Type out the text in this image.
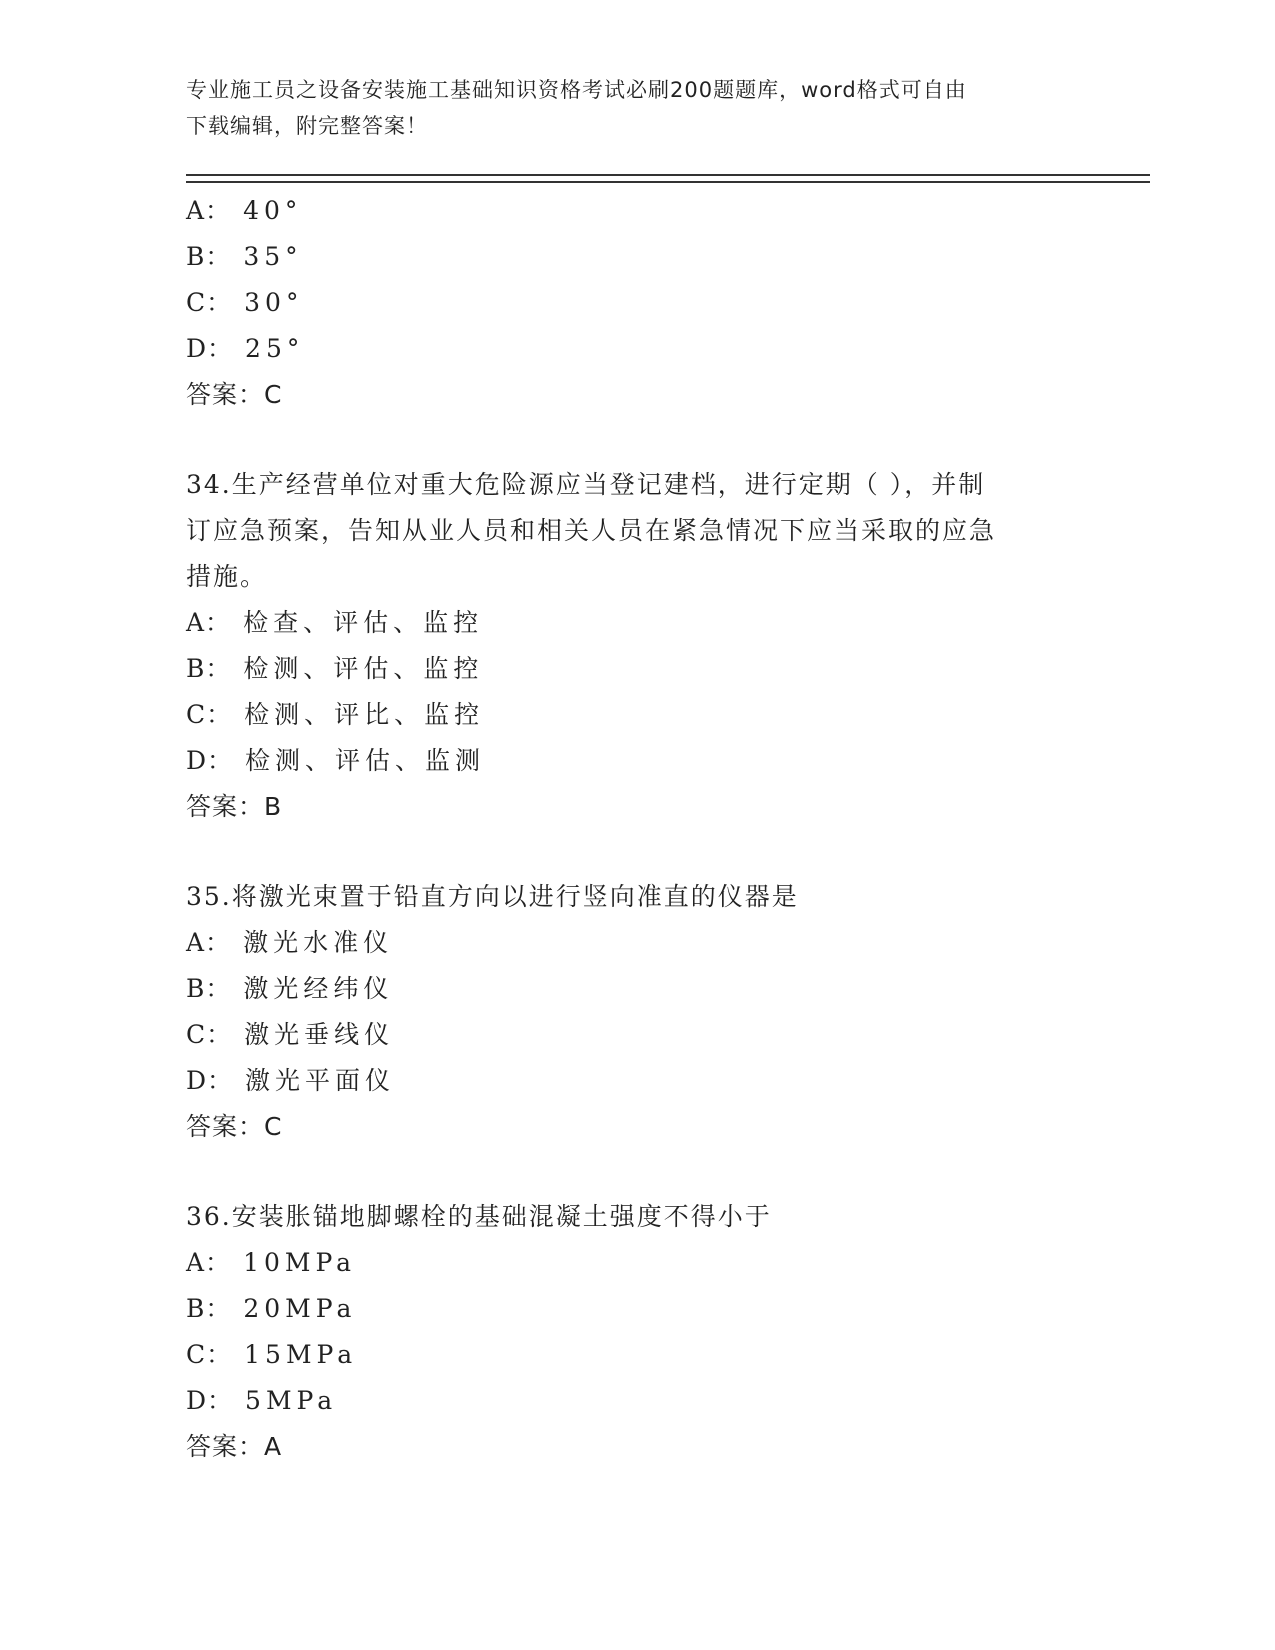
专业施工员之设备安装施工基础知识资格考试必刷200题题库，word格式可自由
下载编辑，附完整答案！
A： 40°
B： 35°
C： 30°
D： 25°
答案：C
34.生产经营单位对重大危险源应当登记建档，进行定期（ ），并制
订应急预案，告知从业人员和相关人员在紧急情况下应当采取的应急
措施。
A： 检查、评估、监控
B： 检测、评估、监控
C： 检测、评比、监控
D： 检测、评估、监测
答案：B
35.将激光束置于铅直方向以进行竖向准直的仪器是
A： 激光水准仪
B： 激光经纬仪
C： 激光垂线仪
D： 激光平面仪
答案：C
36.安装胀锚地脚螺栓的基础混凝土强度不得小于
A： 10MPa
B： 20MPa
C： 15MPa
D： 5MPa
答案：A
